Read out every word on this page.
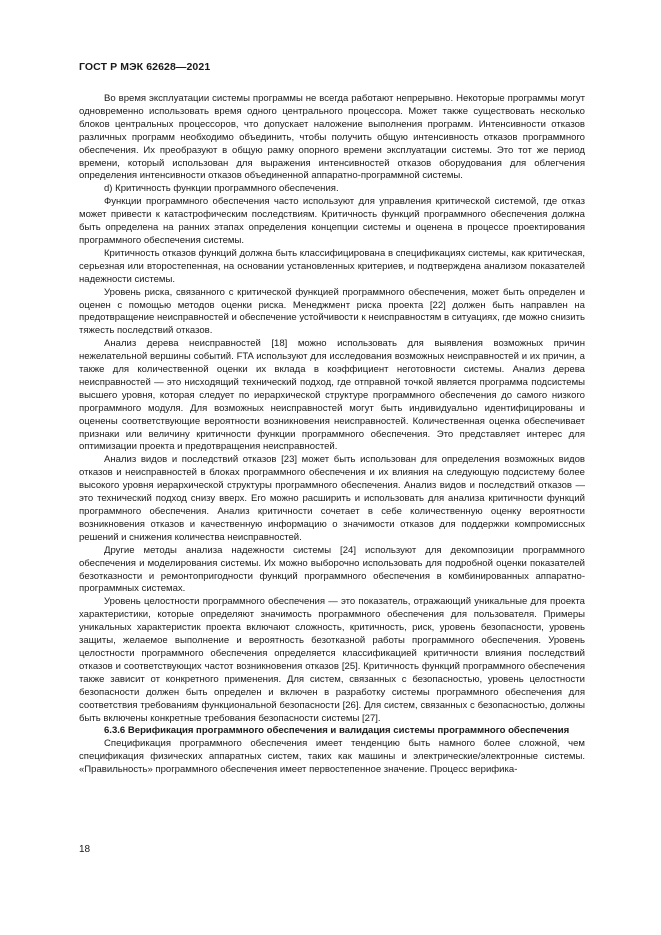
ГОСТ Р МЭК 62628—2021

Во время эксплуатации системы программы не всегда работают непрерывно. Некоторые программы могут одновременно использовать время одного центрального процессора. Может также существовать несколько блоков центральных процессоров, что допускает наложение выполнения программ. Интенсивности отказов различных программ необходимо объединить, чтобы получить общую интенсивность отказов программного обеспечения. Их преобразуют в общую рамку опорного времени эксплуатации системы. Это тот же период времени, который использован для выражения интенсивностей отказов оборудования для облегчения определения интенсивности отказов объединенной аппаратно-программной системы.

d) Критичность функции программного обеспечения.

Функции программного обеспечения часто используют для управления критической системой, где отказ может привести к катастрофическим последствиям. Критичность функций программного обеспечения должна быть определена на ранних этапах определения концепции системы и оценена в процессе проектирования программного обеспечения системы.

Критичность отказов функций должна быть классифицирована в спецификациях системы, как критическая, серьезная или второстепенная, на основании установленных критериев, и подтверждена анализом показателей надежности системы.

Уровень риска, связанного с критической функцией программного обеспечения, может быть определен и оценен с помощью методов оценки риска. Менеджмент риска проекта [22] должен быть направлен на предотвращение неисправностей и обеспечение устойчивости к неисправностям в ситуациях, где можно снизить тяжесть последствий отказов.

Анализ дерева неисправностей [18] можно использовать для выявления возможных причин нежелательной вершины событий. FTA используют для исследования возможных неисправностей и их причин, а также для количественной оценки их вклада в коэффициент неготовности системы. Анализ дерева неисправностей — это нисходящий технический подход, где отправной точкой является программа подсистемы высшего уровня, которая следует по иерархической структуре программного обеспечения до самого низкого программного модуля. Для возможных неисправностей могут быть индивидуально идентифицированы и оценены соответствующие вероятности возникновения неисправностей. Количественная оценка обеспечивает признаки или величину критичности функции программного обеспечения. Это представляет интерес для оптимизации проекта и предотвращения неисправностей.

Анализ видов и последствий отказов [23] может быть использован для определения возможных видов отказов и неисправностей в блоках программного обеспечения и их влияния на следующую подсистему более высокого уровня иерархической структуры программного обеспечения. Анализ видов и последствий отказов — это технический подход снизу вверх. Его можно расширить и использовать для анализа критичности функций программного обеспечения. Анализ критичности сочетает в себе количественную оценку вероятности возникновения отказов и качественную информацию о значимости отказов для поддержки компромиссных решений и снижения количества неисправностей.

Другие методы анализа надежности системы [24] используют для декомпозиции программного обеспечения и моделирования системы. Их можно выборочно использовать для подробной оценки показателей безотказности и ремонтопригодности функций программного обеспечения в комбинированных аппаратно-программных системах.

Уровень целостности программного обеспечения — это показатель, отражающий уникальные для проекта характеристики, которые определяют значимость программного обеспечения для пользователя. Примеры уникальных характеристик проекта включают сложность, критичность, риск, уровень безопасности, уровень защиты, желаемое выполнение и вероятность безотказной работы программного обеспечения. Уровень целостности программного обеспечения определяется классификацией критичности влияния последствий отказов и соответствующих частот возникновения отказов [25]. Критичность функций программного обеспечения также зависит от конкретного применения. Для систем, связанных с безопасностью, уровень целостности безопасности должен быть определен и включен в разработку системы программного обеспечения для соответствия требованиям функциональной безопасности [26]. Для систем, связанных с безопасностью, должны быть включены конкретные требования безопасности системы [27].

6.3.6 Верификация программного обеспечения и валидация системы программного обеспечения

Спецификация программного обеспечения имеет тенденцию быть намного более сложной, чем спецификация физических аппаратных систем, таких как машины и электрические/электронные системы. «Правильность» программного обеспечения имеет первостепенное значение. Процесс верифика-

18
